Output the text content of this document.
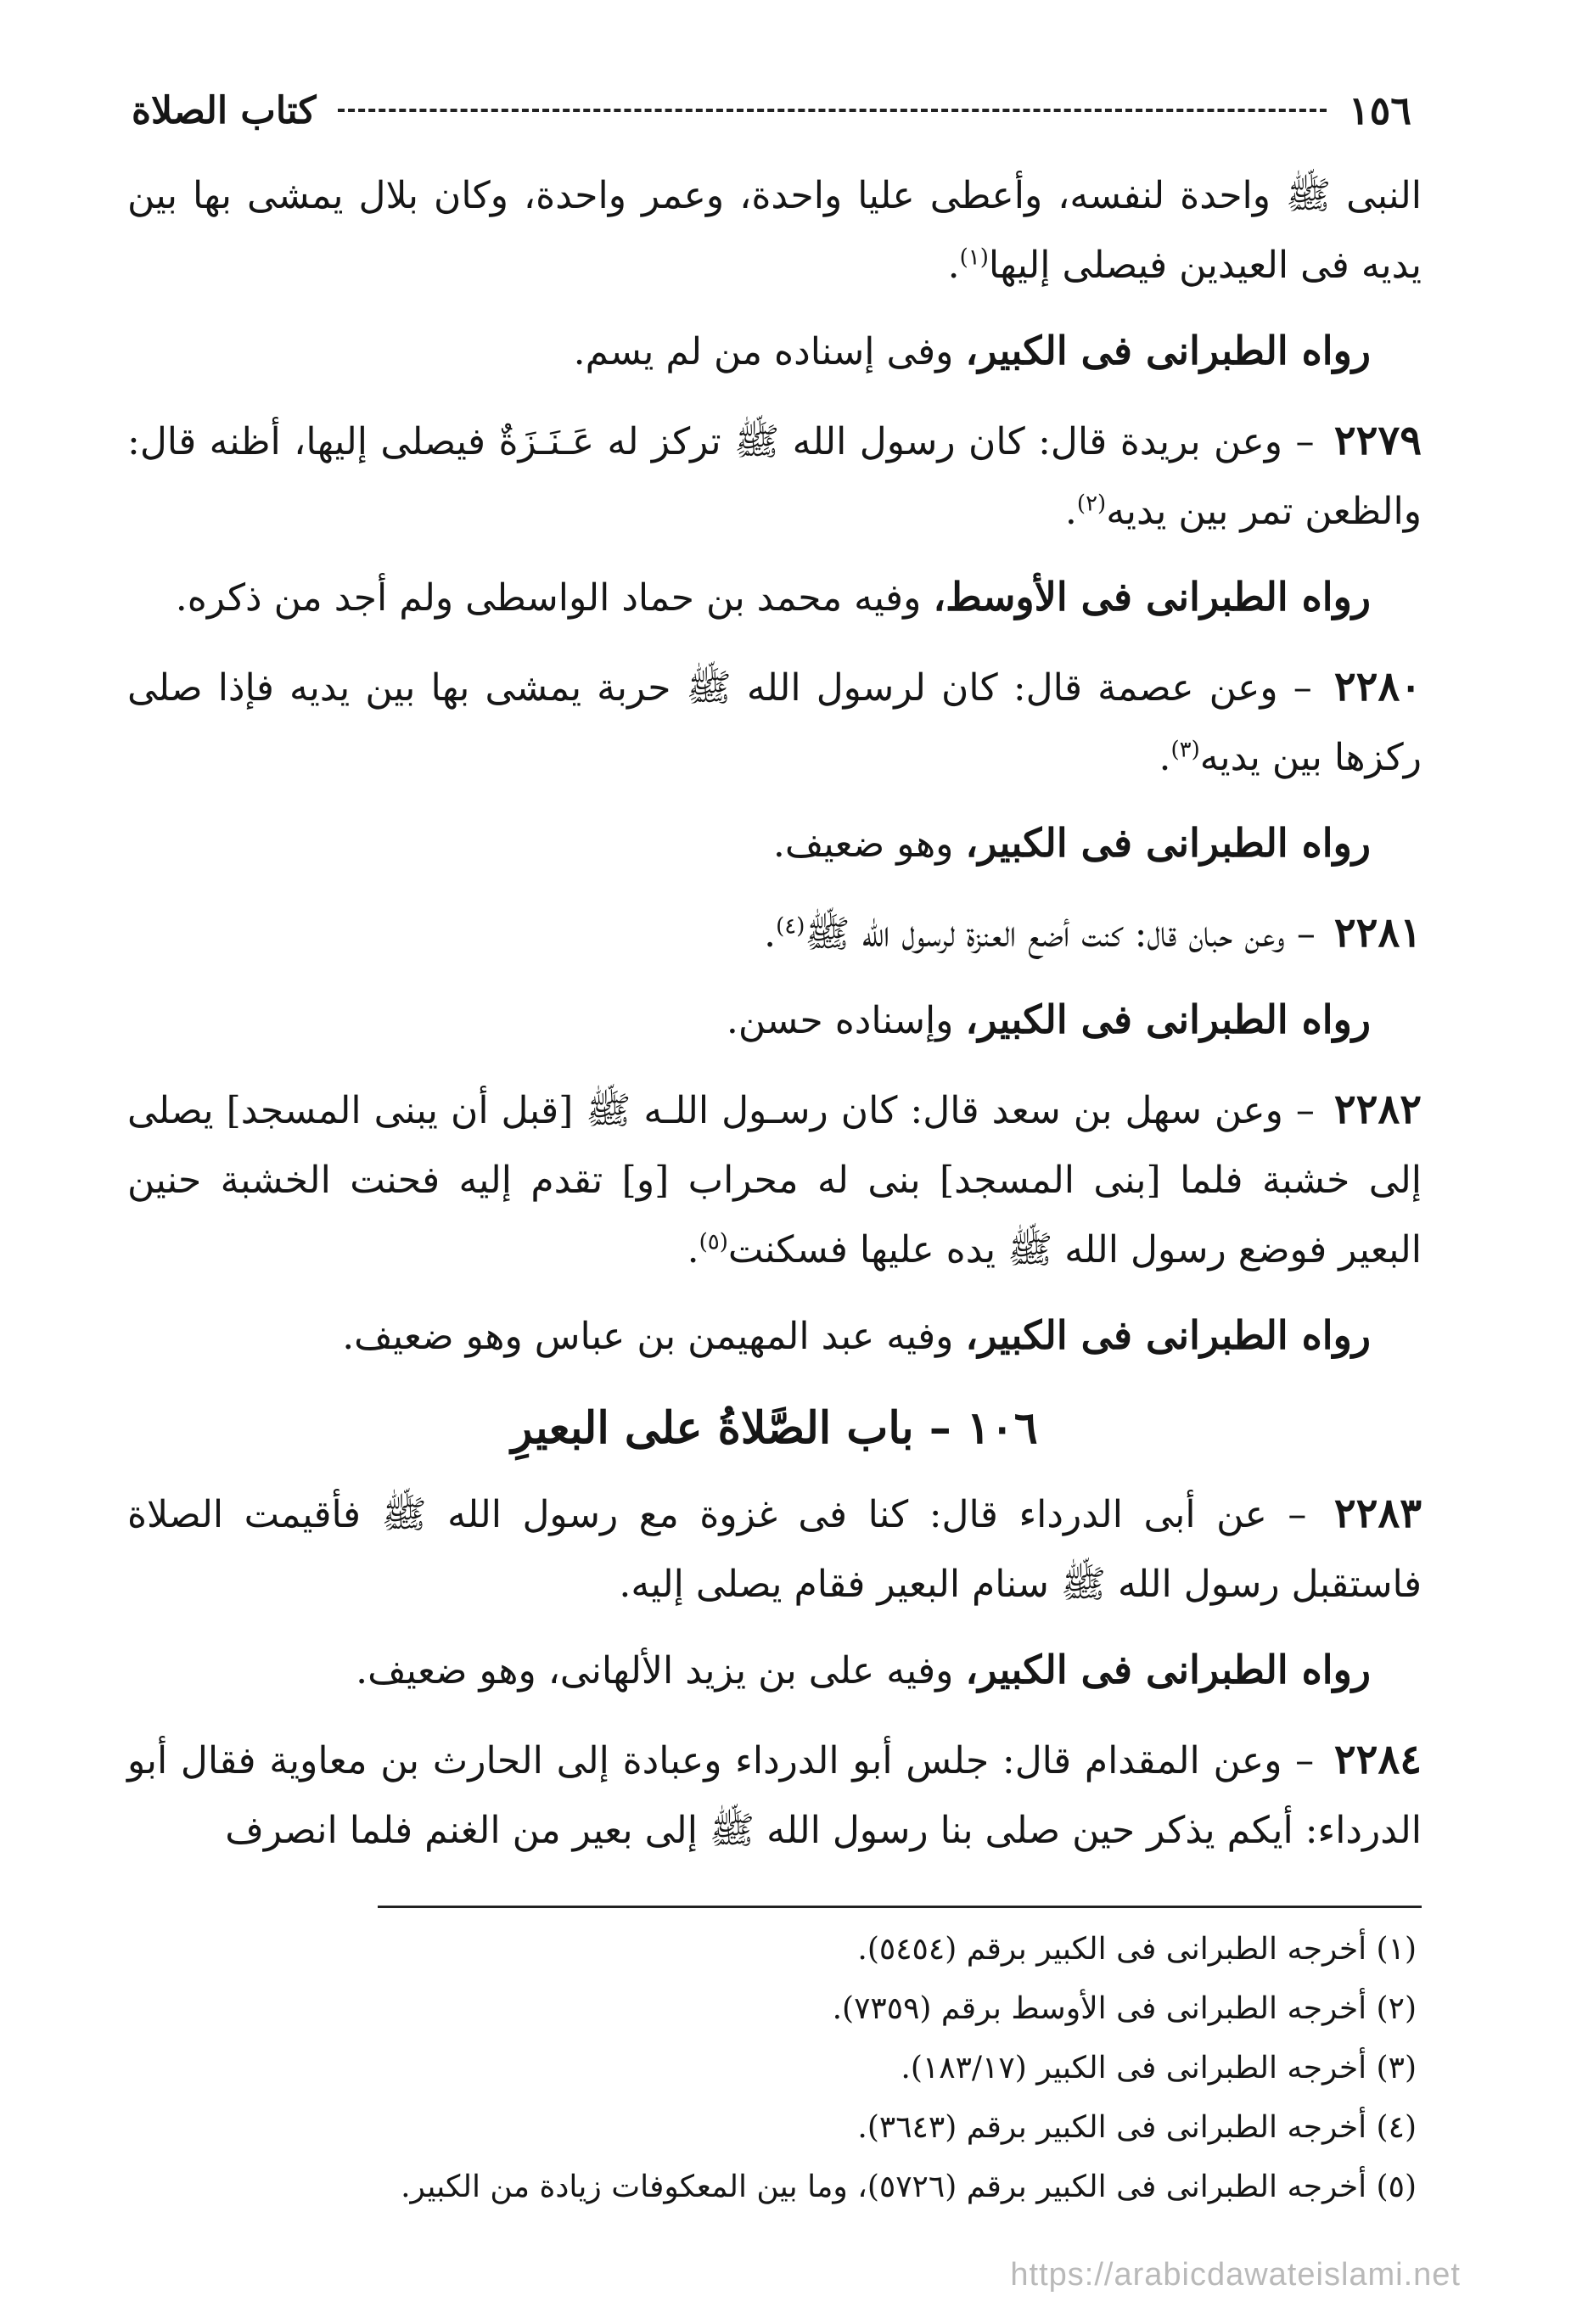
١٥٦
كتاب الصلاة

النبى ﷺ واحدة لنفسه، وأعطى عليا واحدة، وعمر واحدة، وكان بلال يمشى بها بين يديه فى العيدين فيصلى إليها$^{(١)}$.

رواه الطبرانى فى الكبير، وفى إسناده من لم يسم.

٢٢٧٩ – وعن بريدة قال: كان رسول الله ﷺ تركز له عَـنَـزَةٌ فيصلى إليها، أظنه قال: والظعن تمر بين يديه$^{(٢)}$.

رواه الطبرانى فى الأوسط، وفيه محمد بن حماد الواسطى ولم أجد من ذكره.

٢٢٨٠ – وعن عصمة قال: كان لرسول الله ﷺ حربة يمشى بها بين يديه فإذا صلى ركزها بين يديه$^{(٣)}$.

رواه الطبرانى فى الكبير، وهو ضعيف.

٢٢٨١ – وعن حبان قال: كنت أضع العنزة لرسول الله ﷺ$^{(٤)}$.

رواه الطبرانى فى الكبير، وإسناده حسن.

٢٢٨٢ – وعن سهل بن سعد قال: كان رسـول اللـه ﷺ [قبل أن يبنى المسجد] يصلى إلى خشبة فلما [بنى المسجد] بنى له محراب [و] تقدم إليه فحنت الخشبة حنين البعير فوضع رسول الله ﷺ يده عليها فسكنت$^{(٥)}$.

رواه الطبرانى فى الكبير، وفيه عبد المهيمن بن عباس وهو ضعيف.

١٠٦ – باب الصَّلاةُ على البعيرِ

٢٢٨٣ – عن أبى الدرداء قال: كنا فى غزوة مع رسول الله ﷺ فأقيمت الصلاة فاستقبل رسول الله ﷺ سنام البعير فقام يصلى إليه.

رواه الطبرانى فى الكبير، وفيه على بن يزيد الألهانى، وهو ضعيف.

٢٢٨٤ – وعن المقدام قال: جلس أبو الدرداء وعبادة إلى الحارث بن معاوية فقال أبو الدرداء: أيكم يذكر حين صلى بنا رسول الله ﷺ إلى بعير من الغنم فلما انصرف

(١) أخرجه الطبرانى فى الكبير برقم (٥٤٥٤).

(٢) أخرجه الطبرانى فى الأوسط برقم (٧٣٥٩).

(٣) أخرجه الطبرانى فى الكبير (١٨٣/١٧).

(٤) أخرجه الطبرانى فى الكبير برقم (٣٦٤٣).

(٥) أخرجه الطبرانى فى الكبير برقم (٥٧٢٦)، وما بين المعكوفات زيادة من الكبير.

https://arabicdawateislami.net
